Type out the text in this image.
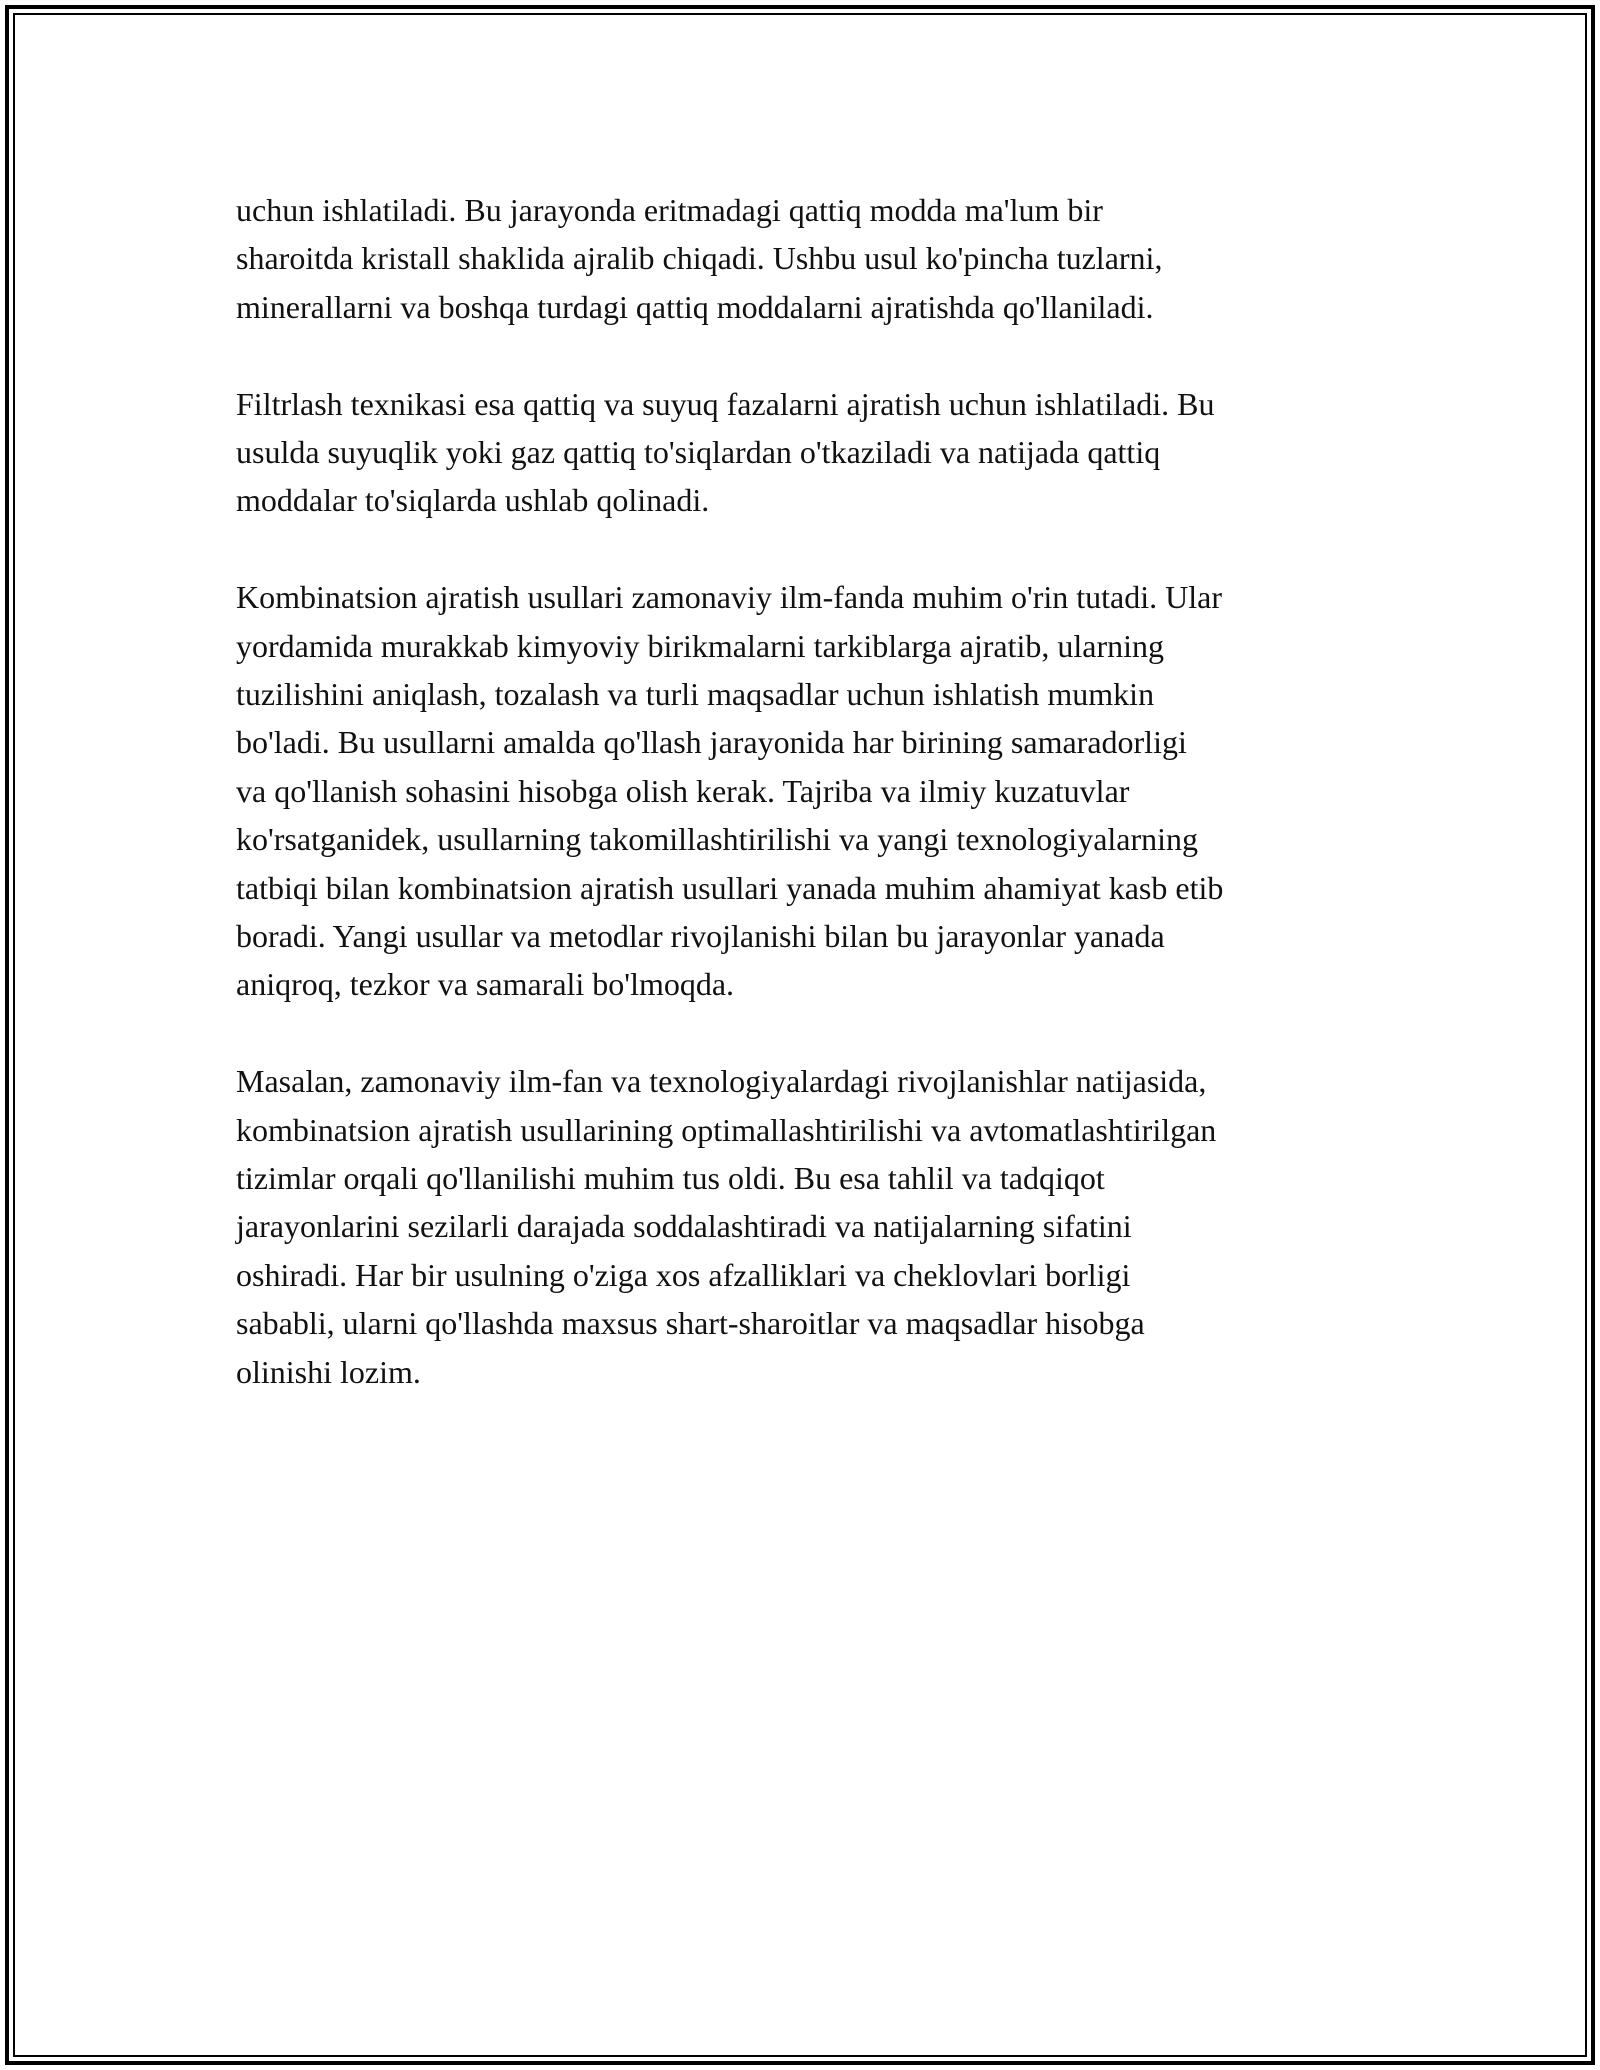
uchun ishlatiladi. Bu jarayonda eritmadagi qattiq modda ma'lum bir
sharoitda kristall shaklida ajralib chiqadi. Ushbu usul ko'pincha tuzlarni,
minerallarni va boshqa turdagi qattiq moddalarni ajratishda qo'llaniladi.
Filtrlash texnikasi esa qattiq va suyuq fazalarni ajratish uchun ishlatiladi. Bu
usulda suyuqlik yoki gaz qattiq to'siqlardan o'tkaziladi va natijada qattiq
moddalar to'siqlarda ushlab qolinadi.
Kombinatsion ajratish usullari zamonaviy ilm-fanda muhim o'rin tutadi. Ular
yordamida murakkab kimyoviy birikmalarni tarkiblarga ajratib, ularning
tuzilishini aniqlash, tozalash va turli maqsadlar uchun ishlatish mumkin
bo'ladi. Bu usullarni amalda qo'llash jarayonida har birining samaradorligi
va qo'llanish sohasini hisobga olish kerak. Tajriba va ilmiy kuzatuvlar
ko'rsatganidek, usullarning takomillashtirilishi va yangi texnologiyalarning
tatbiqi bilan kombinatsion ajratish usullari yanada muhim ahamiyat kasb etib
boradi. Yangi usullar va metodlar rivojlanishi bilan bu jarayonlar yanada
aniqroq, tezkor va samarali bo'lmoqda.
Masalan, zamonaviy ilm-fan va texnologiyalardagi rivojlanishlar natijasida,
kombinatsion ajratish usullarining optimallashtirilishi va avtomatlashtirilgan
tizimlar orqali qo'llanilishi muhim tus oldi. Bu esa tahlil va tadqiqot
jarayonlarini sezilarli darajada soddalashtiradi va natijalarning sifatini
oshiradi. Har bir usulning o'ziga xos afzalliklari va cheklovlari borligi
sababli, ularni qo'llashda maxsus shart-sharoitlar va maqsadlar hisobga
olinishi lozim.
